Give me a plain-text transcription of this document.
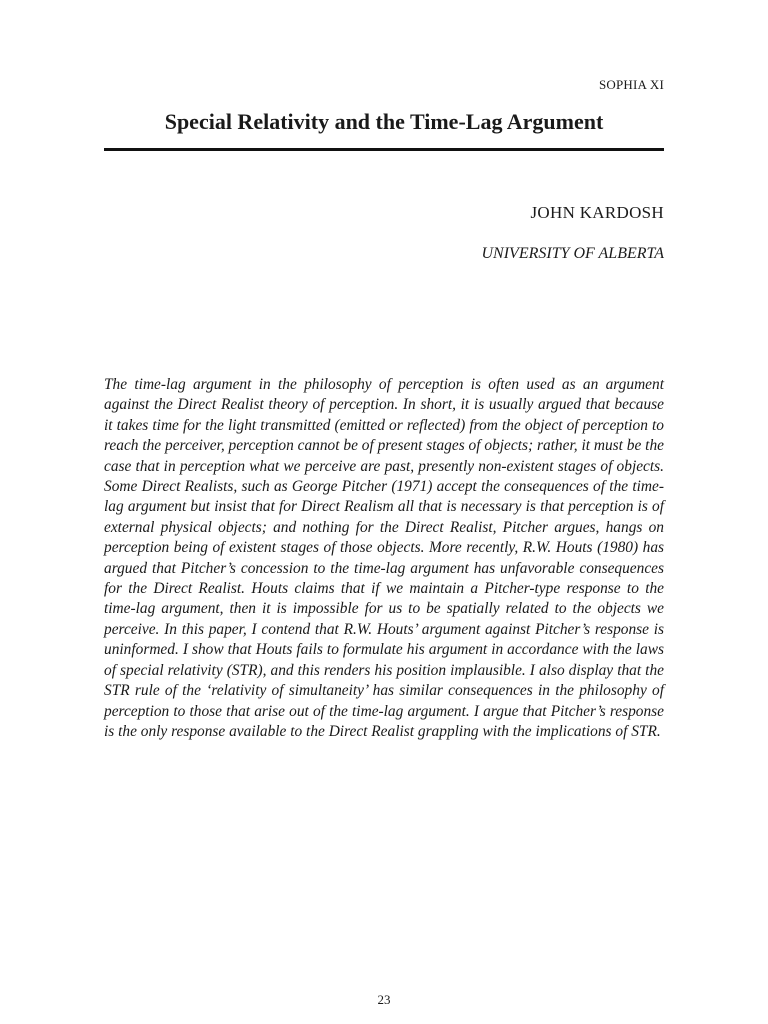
SOPHIA XI
Special Relativity and the Time-Lag Argument
JOHN KARDOSH
UNIVERSITY OF ALBERTA

The time-lag argument in the philosophy of perception is often used as an argument against the Direct Realist theory of perception. In short, it is usually argued that because it takes time for the light transmitted (emitted or reflected) from the object of perception to reach the perceiver, perception cannot be of present stages of objects; rather, it must be the case that in perception what we perceive are past, presently non-existent stages of objects. Some Direct Realists, such as George Pitcher (1971) accept the consequences of the time-lag argument but insist that for Direct Realism all that is necessary is that perception is of external physical objects; and nothing for the Direct Realist, Pitcher argues, hangs on perception being of existent stages of those objects. More recently, R.W. Houts (1980) has argued that Pitcher’s concession to the time-lag argument has unfavorable consequences for the Direct Realist. Houts claims that if we maintain a Pitcher-type response to the time-lag argument, then it is impossible for us to be spatially related to the objects we perceive. In this paper, I contend that R.W. Houts’ argument against Pitcher’s response is uninformed. I show that Houts fails to formulate his argument in accordance with the laws of special relativity (STR), and this renders his position implausible. I also display that the STR rule of the ‘relativity of simultaneity’ has similar consequences in the philosophy of perception to those that arise out of the time-lag argument. I argue that Pitcher’s response is the only response available to the Direct Realist grappling with the implications of STR.

23
